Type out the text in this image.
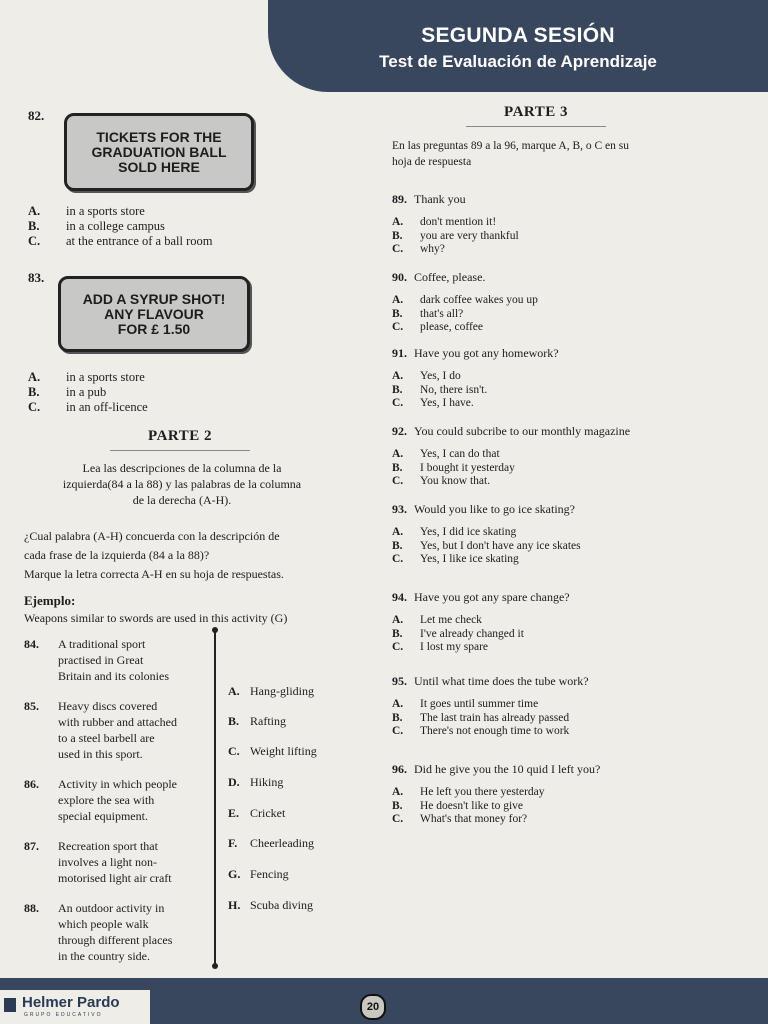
SEGUNDA SESIÓN
Test de Evaluación de Aprendizaje
82.
TICKETS FOR THE
GRADUATION BALL
SOLD HERE
A. in a sports store
B. in a college campus
C. at the entrance of a ball room
83.
ADD A SYRUP SHOT!
ANY FLAVOUR
FOR £ 1.50
A. in a sports store
B. in a pub
C. in an off-licence
PARTE 2
Lea las descripciones de la columna de la
izquierda(84 a la 88) y las palabras de la columna
de la derecha (A-H).
¿Cual palabra (A-H) concuerda con la descripción de
cada frase de la izquierda (84 a la 88)?
Marque la letra correcta A-H en su hoja de respuestas.
Ejemplo:
Weapons similar to swords are used in this activity (G)
84. A traditional sport
practised in Great
Britain and its colonies
85. Heavy discs covered
with rubber and attached
to a steel barbell are
used in this sport.
86. Activity in which people
explore the sea with
special equipment.
87. Recreation sport that
involves a light non-
motorised light air craft
88. An outdoor activity in
which people walk
through different places
in the country side.
A. Hang-gliding
B. Rafting
C. Weight lifting
D. Hiking
E. Cricket
F. Cheerleading
G. Fencing
H. Scuba diving
PARTE 3
En las preguntas 89 a la 96, marque A, B, o C en su
hoja de respuesta
89. Thank you
A. don't mention it!
B. you are very thankful
C. why?
90. Coffee, please.
A. dark coffee wakes you up
B. that's all?
C. please, coffee
91. Have you got any homework?
A. Yes, I do
B. No, there isn't.
C. Yes, I have.
92. You could subcribe to our monthly magazine
A. Yes, I can do that
B. I bought it yesterday
C. You know that.
93. Would you like to go ice skating?
A. Yes, I did ice skating
B. Yes, but I don't have any ice skates
C. Yes, I like ice skating
94. Have you got any spare change?
A. Let me check
B. I've already changed it
C. I lost my spare
95. Until what time does the tube work?
A. It goes until summer time
B. The last train has already passed
C. There's not enough time to work
96. Did he give you the 10 quid I left you?
A. He left you there yesterday
B. He doesn't like to give
C. What's that money for?
Helmer Pardo
GRUPO EDUCATIVO
20
